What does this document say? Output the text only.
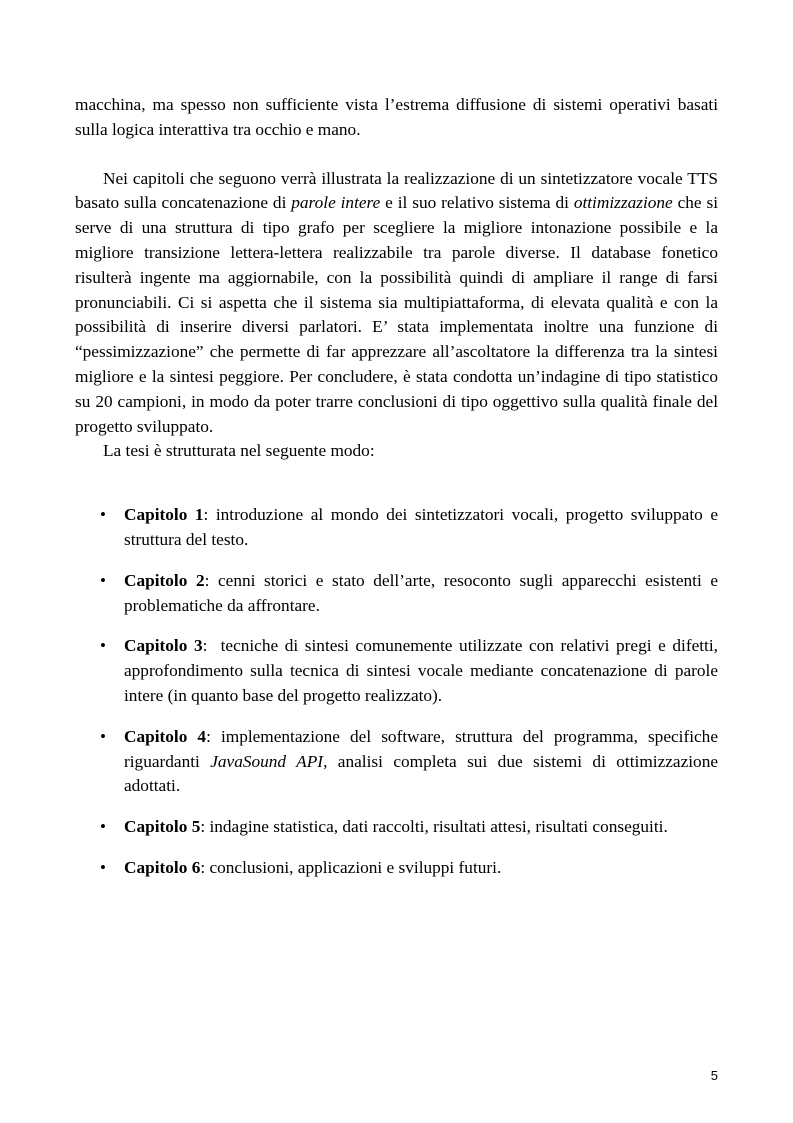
macchina, ma spesso non sufficiente vista l’estrema diffusione di sistemi operativi basati sulla logica interattiva tra occhio e mano.

Nei capitoli che seguono verrà illustrata la realizzazione di un sintetizzatore vocale TTS basato sulla concatenazione di parole intere e il suo relativo sistema di ottimizzazione che si serve di una struttura di tipo grafo per scegliere la migliore intonazione possibile e la migliore transizione lettera-lettera realizzabile tra parole diverse. Il database fonetico risulterà ingente ma aggiornabile, con la possibilità quindi di ampliare il range di farsi pronunciabili. Ci si aspetta che il sistema sia multipiattaforma, di elevata qualità e con la possibilità di inserire diversi parlatori. E’ stata implementata inoltre una funzione di “pessimizzazione” che permette di far apprezzare all’ascoltatore la differenza tra la sintesi migliore e la sintesi peggiore. Per concludere, è stata condotta un’indagine di tipo statistico su 20 campioni, in modo da poter trarre conclusioni di tipo oggettivo sulla qualità finale del progetto sviluppato.

La tesi è strutturata nel seguente modo:

• Capitolo 1: introduzione al mondo dei sintetizzatori vocali, progetto sviluppato e struttura del testo.
• Capitolo 2: cenni storici e stato dell’arte, resoconto sugli apparecchi esistenti e problematiche da affrontare.
• Capitolo 3:  tecniche di sintesi comunemente utilizzate con relativi pregi e difetti, approfondimento sulla tecnica di sintesi vocale mediante concatenazione di parole intere (in quanto base del progetto realizzato).
• Capitolo 4: implementazione del software, struttura del programma, specifiche riguardanti JavaSound API, analisi completa sui due sistemi di ottimizzazione adottati.
• Capitolo 5: indagine statistica, dati raccolti, risultati attesi, risultati conseguiti.
• Capitolo 6: conclusioni, applicazioni e sviluppi futuri.
5
